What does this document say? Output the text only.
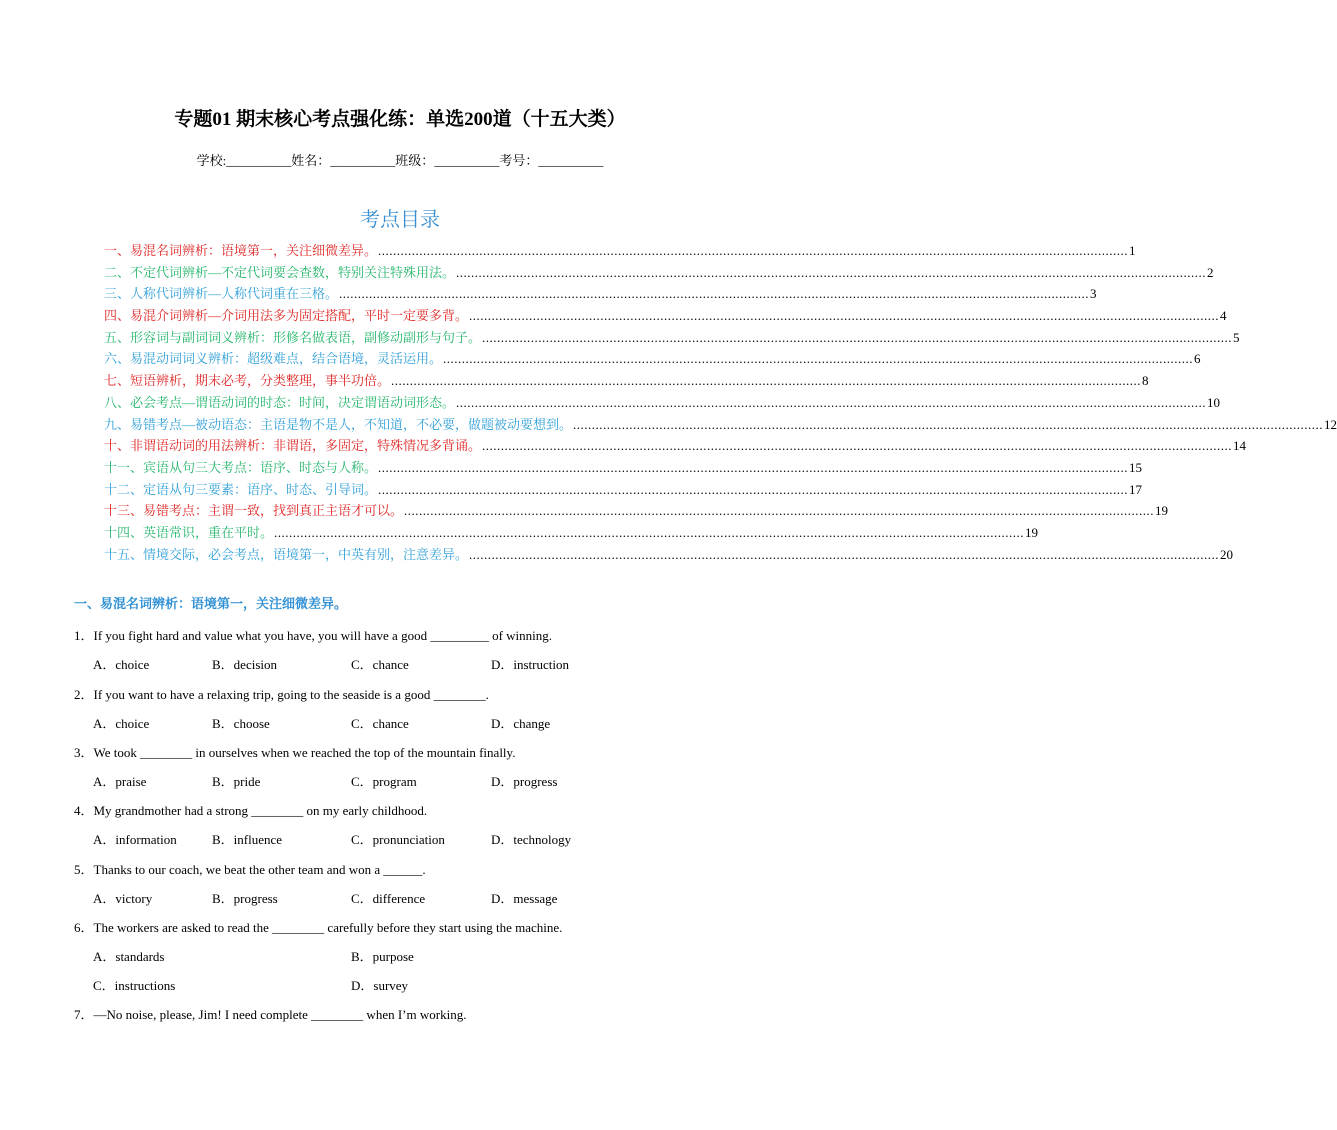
专题01 期末核心考点强化练：单选200道（十五大类）
学校:__________姓名：__________班级：__________考号：__________
考点目录
一、易混名词辨析：语境第一，关注细微差异。 ........................................................................................................................................................................................................ 1
二、不定代词辨析—不定代词要会查数，特别关注特殊用法。 ........................................................................................................................................................................................................ 2
三、人称代词辨析—人称代词重在三格。 ........................................................................................................................................................................................................ 3
四、易混介词辨析—介词用法多为固定搭配，平时一定要多背。 ........................................................................................................................................................................................................ 4
五、形容词与副词词义辨析：形修名做表语，副修动副形与句子。 ........................................................................................................................................................................................................ 5
六、易混动词词义辨析：超级难点，结合语境，灵活运用。 ........................................................................................................................................................................................................ 6
七、短语辨析，期末必考，分类整理，事半功倍。 ........................................................................................................................................................................................................ 8
八、必会考点—谓语动词的时态：时间，决定谓语动词形态。 ........................................................................................................................................................................................................ 10
九、易错考点—被动语态：主语是物不是人，不知道，不必要，做题被动要想到。 ........................................................................................................................................................................................................ 12
十、非谓语动词的用法辨析：非谓语，多固定，特殊情况多背诵。 ........................................................................................................................................................................................................ 14
十一、宾语从句三大考点：语序、时态与人称。 ........................................................................................................................................................................................................ 15
十二、定语从句三要素：语序、时态、引导词。 ........................................................................................................................................................................................................ 17
十三、易错考点：主谓一致，找到真正主语才可以。 ........................................................................................................................................................................................................ 19
十四、英语常识，重在平时。 ........................................................................................................................................................................................................ 19
十五、情境交际，必会考点，语境第一，中英有别，注意差异。 ........................................................................................................................................................................................................ 20
一、易混名词辨析：语境第一，关注细微差异。
1．If you fight hard and value what you have, you will have a good _________ of winning.
A．choice	B．decision	C．chance	D．instruction
2．If you want to have a relaxing trip, going to the seaside is a good ________.
A．choice	B．choose	C．chance	D．change
3．We took ________ in ourselves when we reached the top of the mountain finally.
A．praise	B．pride	C．program	D．progress
4．My grandmother had a strong ________ on my early childhood.
A．information	B．influence	C．pronunciation	D．technology
5．Thanks to our coach, we beat the other team and won a ______.
A．victory	B．progress	C．difference	D．message
6．The workers are asked to read the ________ carefully before they start using the machine.
A．standards	B．purpose
C．instructions	D．survey
7．—No noise, please, Jim! I need complete ________ when I’m working.
